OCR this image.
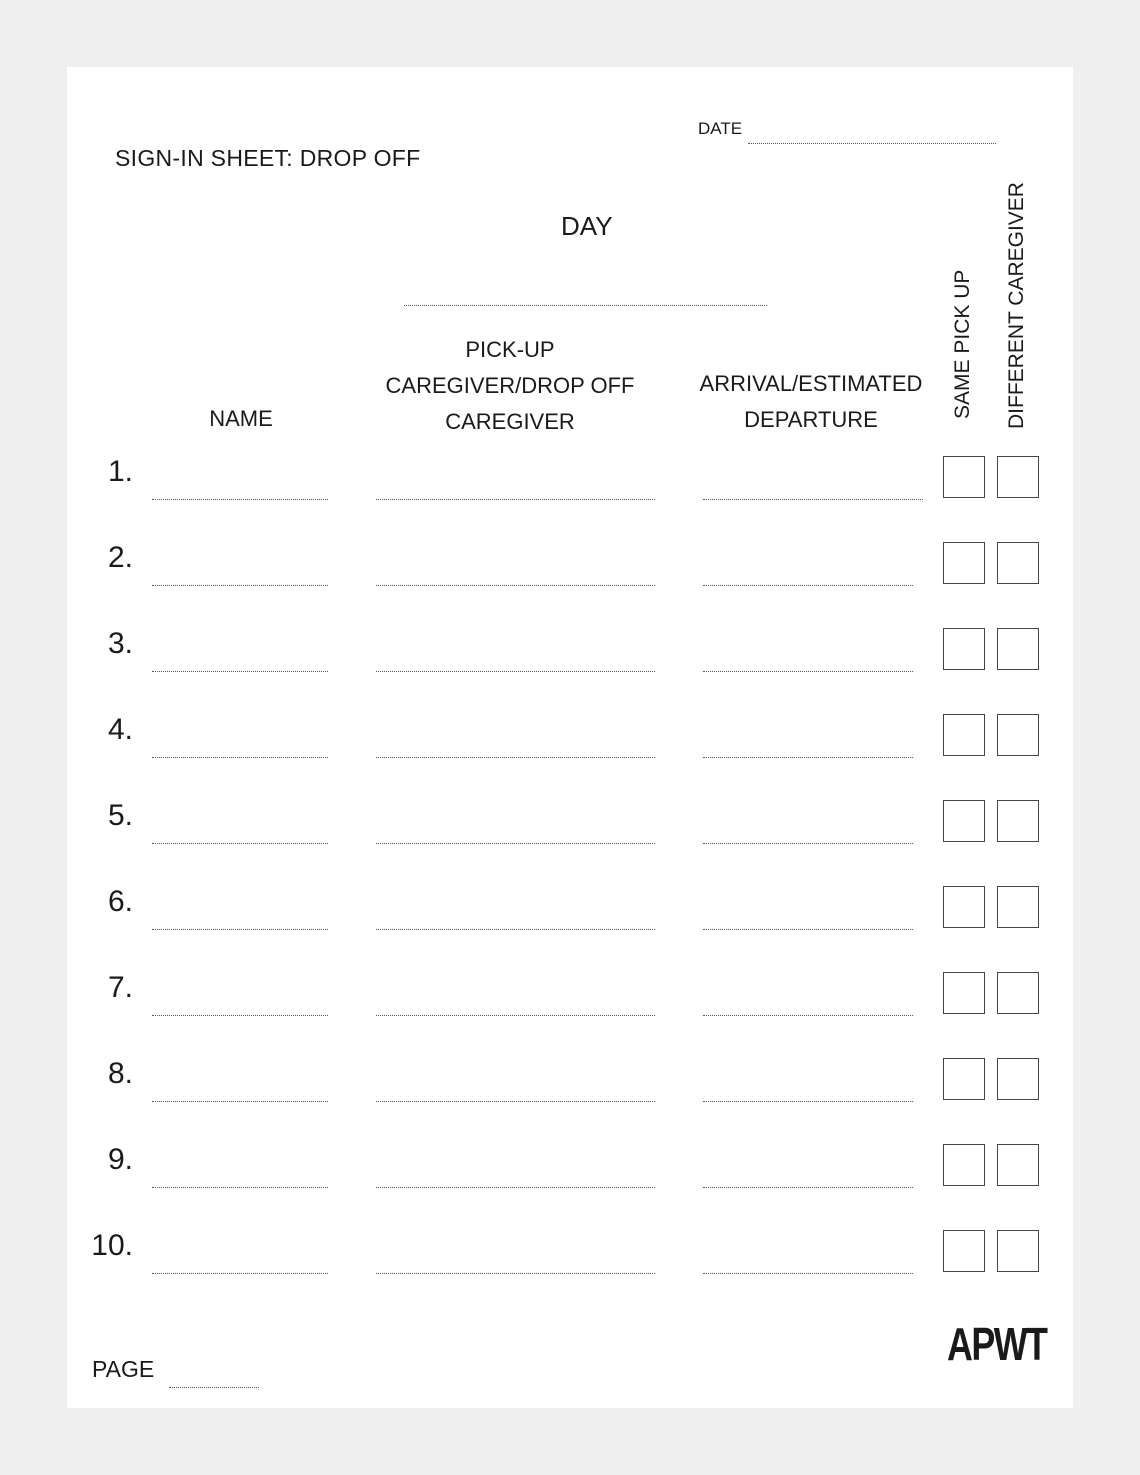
DATE
SIGN-IN SHEET: DROP OFF
DAY
NAME
PICK-UP CAREGIVER/DROP OFF CAREGIVER
ARRIVAL/ESTIMATED DEPARTURE
SAME PICK UP DIFFERENT CAREGIVER
1.
2.
3.
4.
5.
6.
7.
8.
9.
10.
PAGE	APWT
